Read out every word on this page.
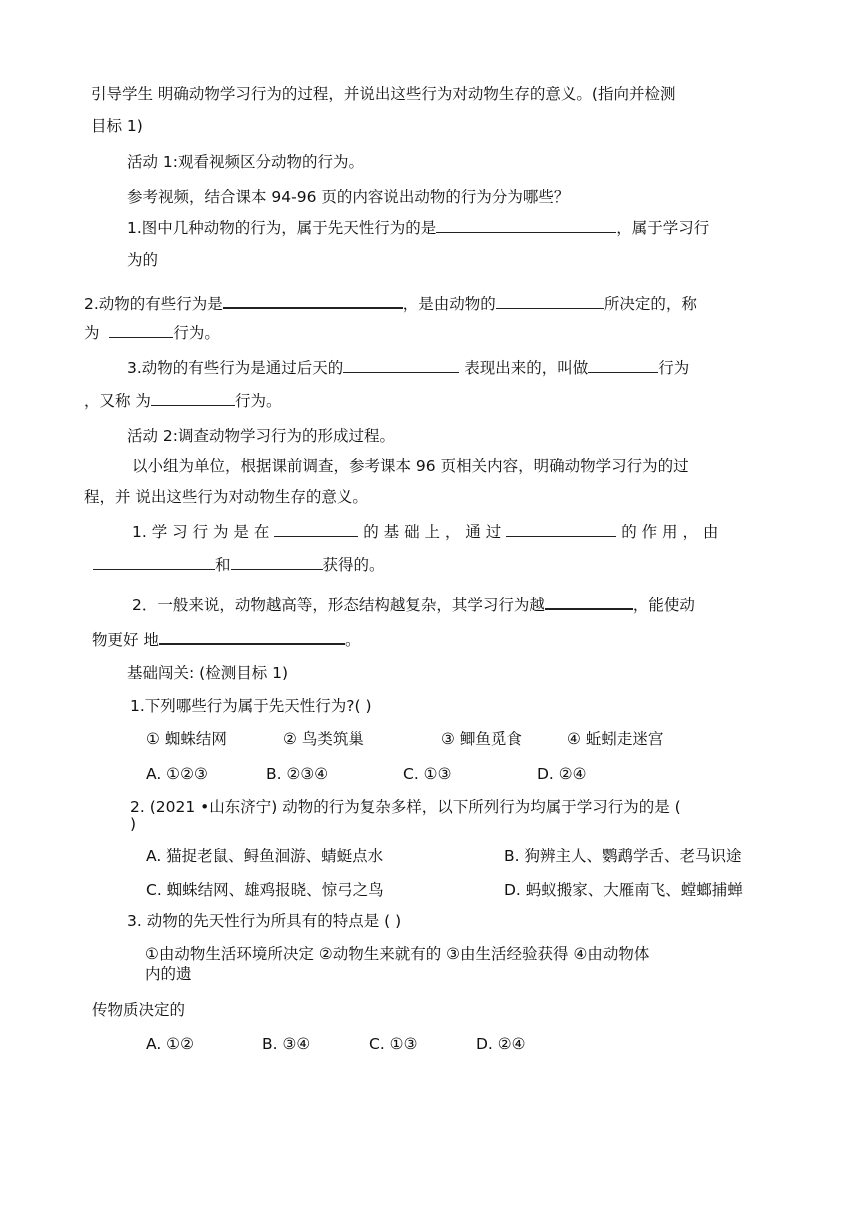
引导学生 明确动物学习行为的过程，并说出这些行为对动物生存的意义。(指向并检测
目标 1)
活动 1:观看视频区分动物的行为。
参考视频，结合课本 94-96 页的内容说出动物的行为分为哪些？
1.图中几种动物的行为，属于先天性行为的是	，属于学习行
为的
2.动物的有些行为是	，是由动物的	所决定的，称
为	行为。
3.动物的有些行为是通过后天的	表现出来的，叫做	行为
，又称 为	行为。
活动 2:调查动物学习行为的形成过程。
以小组为单位，根据课前调查，参考课本 96 页相关内容，明确动物学习行为的过
程，并 说出这些行为对动物生存的意义。
1. 学 习 行 为 是 在	的 基 础 上 ， 通 过	的 作 用 ， 由
和	获得的。
2．一般来说，动物越高等，形态结构越复杂，其学习行为越	，能使动
物更好 地	。
基础闯关: (检测目标 1)
1.下列哪些行为属于先天性行为?( )
① 蜘蛛结网	② 鸟类筑巢	③ 鲫鱼觅食	④ 蚯蚓走迷宫
A. ①②③	B. ②③④	C. ①③	D. ②④
2. (2021 •山东济宁) 动物的行为复杂多样，以下所列行为均属于学习行为的是 (
)
A. 猫捉老鼠、鲟鱼洄游、蜻蜓点水	B. 狗辨主人、鹦鹉学舌、老马识途
C. 蜘蛛结网、雄鸡报晓、惊弓之鸟	D. 蚂蚁搬家、大雁南飞、螳螂捕蝉
3. 动物的先天性行为所具有的特点是 ( )
①由动物生活环境所决定 ②动物生来就有的 ③由生活经验获得 ④由动物体
内的遗
传物质决定的
A. ①②	B. ③④	C. ①③	D. ②④
